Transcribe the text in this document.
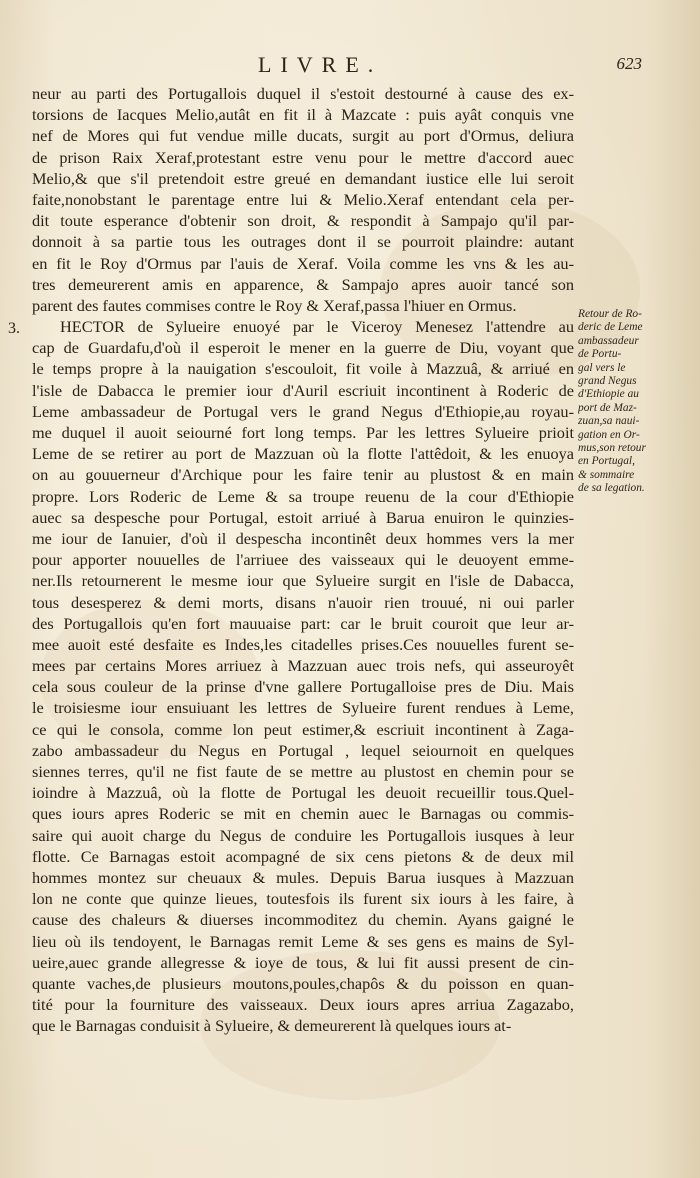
LIVRE.	623
3.
neur au parti des Portugallois duquel il s'estoit destourné à cause des ex-
torsions de Iacques Melio,autât en fit il à Mazcate : puis ayât conquis vne
nef de Mores qui fut vendue mille ducats, surgit au port d'Ormus, deliura
de prison Raix Xeraf,protestant estre venu pour le mettre d'accord auec
Melio,& que s'il pretendoit estre greué en demandant iustice elle lui seroit
faite,nonobstant le parentage entre lui & Melio.Xeraf entendant cela per-
dit toute esperance d'obtenir son droit, & respondit à Sampajo qu'il par-
donnoit à sa partie tous les outrages dont il se pourroit plaindre: autant
en fit le Roy d'Ormus par l'auis de Xeraf. Voila comme les vns & les au-
tres demeurerent amis en apparence, & Sampajo apres auoir tancé son
parent des fautes commises contre le Roy & Xeraf,passa l'hiuer en Ormus.
HECTOR de Sylueire enuoyé par le Viceroy Menesez l'attendre au
cap de Guardafu,d'où il esperoit le mener en la guerre de Diu, voyant que
le temps propre à la nauigation s'escouloit, fit voile à Mazzuâ, & arriué en
l'isle de Dabacca le premier iour d'Auril escriuit incontinent à Roderic de
Leme ambassadeur de Portugal vers le grand Negus d'Ethiopie,au royau-
me duquel il auoit seiourné fort long temps. Par les lettres Sylueire prioit
Leme de se retirer au port de Mazzuan où la flotte l'attêdoit, & les enuoya
on au gouuerneur d'Archique pour les faire tenir au plustost & en main
propre. Lors Roderic de Leme & sa troupe reuenu de la cour d'Ethiopie
auec sa despesche pour Portugal, estoit arriué à Barua enuiron le quinzies-
me iour de Ianuier, d'où il despescha incontinêt deux hommes vers la mer
pour apporter nouuelles de l'arriuee des vaisseaux qui le deuoyent emme-
ner.Ils retournerent le mesme iour que Sylueire surgit en l'isle de Dabacca,
tous desesperez & demi morts, disans n'auoir rien trouué, ni oui parler
des Portugallois qu'en fort mauuaise part: car le bruit couroit que leur ar-
mee auoit esté desfaite es Indes,les citadelles prises.Ces nouuelles furent se-
mees par certains Mores arriuez à Mazzuan auec trois nefs, qui asseuroyêt
cela sous couleur de la prinse d'vne gallere Portugalloise pres de Diu. Mais
le troisiesme iour ensuiuant les lettres de Sylueire furent rendues à Leme,
ce qui le consola, comme lon peut estimer,& escriuit incontinent à Zaga-
zabo ambassadeur du Negus en Portugal , lequel seiournoit en quelques
siennes terres, qu'il ne fist faute de se mettre au plustost en chemin pour se
ioindre à Mazzuâ, où la flotte de Portugal les deuoit recueillir tous.Quel-
ques iours apres Roderic se mit en chemin auec le Barnagas ou commis-
saire qui auoit charge du Negus de conduire les Portugallois iusques à leur
flotte. Ce Barnagas estoit acompagné de six cens pietons & de deux mil
hommes montez sur cheuaux & mules. Depuis Barua iusques à Mazzuan
lon ne conte que quinze lieues, toutesfois ils furent six iours à les faire, à
cause des chaleurs & diuerses incommoditez du chemin. Ayans gaigné le
lieu où ils tendoyent, le Barnagas remit Leme & ses gens es mains de Syl-
ueire,auec grande allegresse & ioye de tous, & lui fit aussi present de cin-
quante vaches,de plusieurs moutons,poules,chapôs & du poisson en quan-
tité pour la fourniture des vaisseaux. Deux iours apres arriua Zagazabo,
que le Barnagas conduisit à Sylueire, & demeurerent là quelques iours at-
Retour de Ro-
deric de Leme
ambassadeur
de Portu-
gal vers le
grand Negus
d'Ethiopie au
port de Maz-
zuan,sa naui-
gation en Or-
mus,son retour
en Portugal,
& sommaire
de sa legation.
